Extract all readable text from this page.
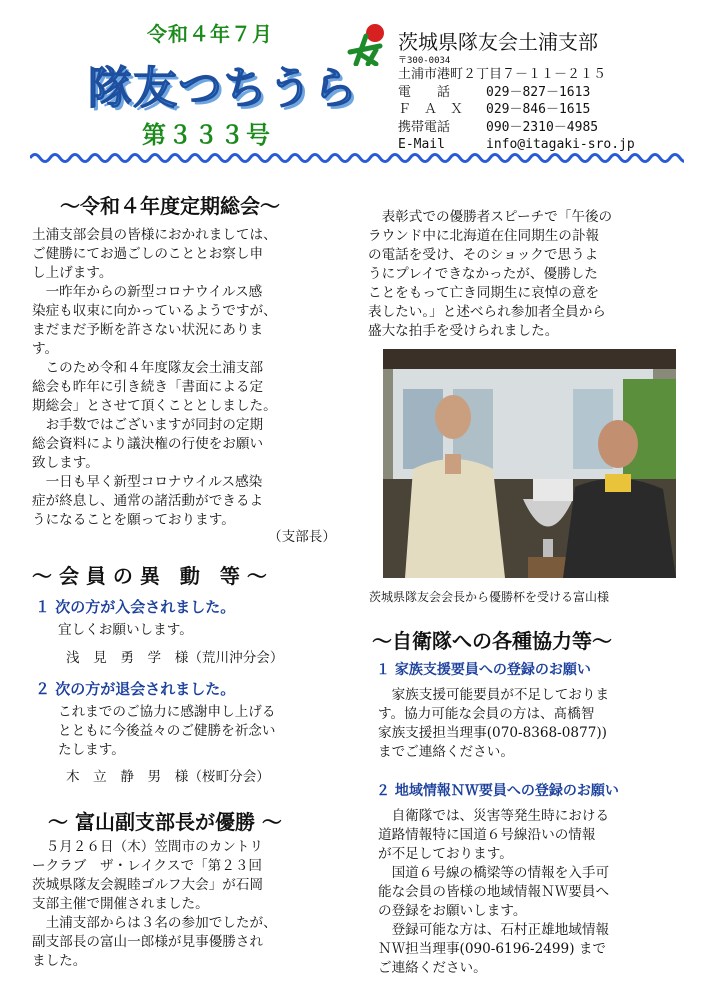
令和４年７月
隊友つちうら
第３３３号
茨城県隊友会土浦支部
〒300-0034
土浦市港町２丁目７－１１－２１５
電　　話	029－827－1613
Ｆ　Ａ　Ｘ	029－846－1615
携帯電話	090－2310－4985
E-Mail	info@itagaki-sro.jp
～令和４年度定期総会～
土浦支部会員の皆様におかれましては、
ご健勝にてお過ごしのこととお察し申
し上げます。
　一昨年からの新型コロナウイルス感
染症も収束に向かっているようですが、
まだまだ予断を許さない状況にありま
す。
　このため令和４年度隊友会土浦支部
総会も昨年に引き続き「書面による定
期総会」とさせて頂くこととしました。
　お手数ではございますが同封の定期
総会資料により議決権の行使をお願い
致します。
　一日も早く新型コロナウイルス感染
症が終息し、通常の諸活動ができるよ
うになることを願っております。
（支部長）
～ 会 員 の 異　動　等 ～
１ 次の方が入会されました。
宜しくお願いします。
浅　見　勇　学　様（荒川沖分会）
２ 次の方が退会されました。
これまでのご協力に感謝申し上げる
とともに今後益々のご健勝を祈念い
たします。
木　立　静　男　様（桜町分会）
～ 富山副支部長が優勝 ～
　５月２６日（木）笠間市のカントリ
ークラブ　ザ・レイクスで「第２３回
茨城県隊友会親睦ゴルフ大会」が石岡
支部主催で開催されました。
　土浦支部からは３名の参加でしたが、
副支部長の富山一郎様が見事優勝され
ました。
　表彰式での優勝者スピーチで「午後の
ラウンド中に北海道在住同期生の訃報
の電話を受け、そのショックで思うよ
うにプレイできなかったが、優勝した
ことをもって亡き同期生に哀悼の意を
表したい。」と述べられ参加者全員から
盛大な拍手を受けられました。
茨城県隊友会会長から優勝杯を受ける富山様
～自衛隊への各種協力等～
１ 家族支援要員への登録のお願い
　家族支援可能要員が不足しておりま
す。協力可能な会員の方は、髙橋智
家族支援担当理事(070-8368-0877))
までご連絡ください。
２ 地域情報ＮＷ要員への登録のお願い
　自衛隊では、災害等発生時における
道路情報特に国道６号線沿いの情報
が不足しております。
　国道６号線の橋梁等の情報を入手可
能な会員の皆様の地域情報ＮＷ要員へ
の登録をお願いします。
　登録可能な方は、石村正雄地域情報
ＮＷ担当理事(090-6196-2499) まで
ご連絡ください。
